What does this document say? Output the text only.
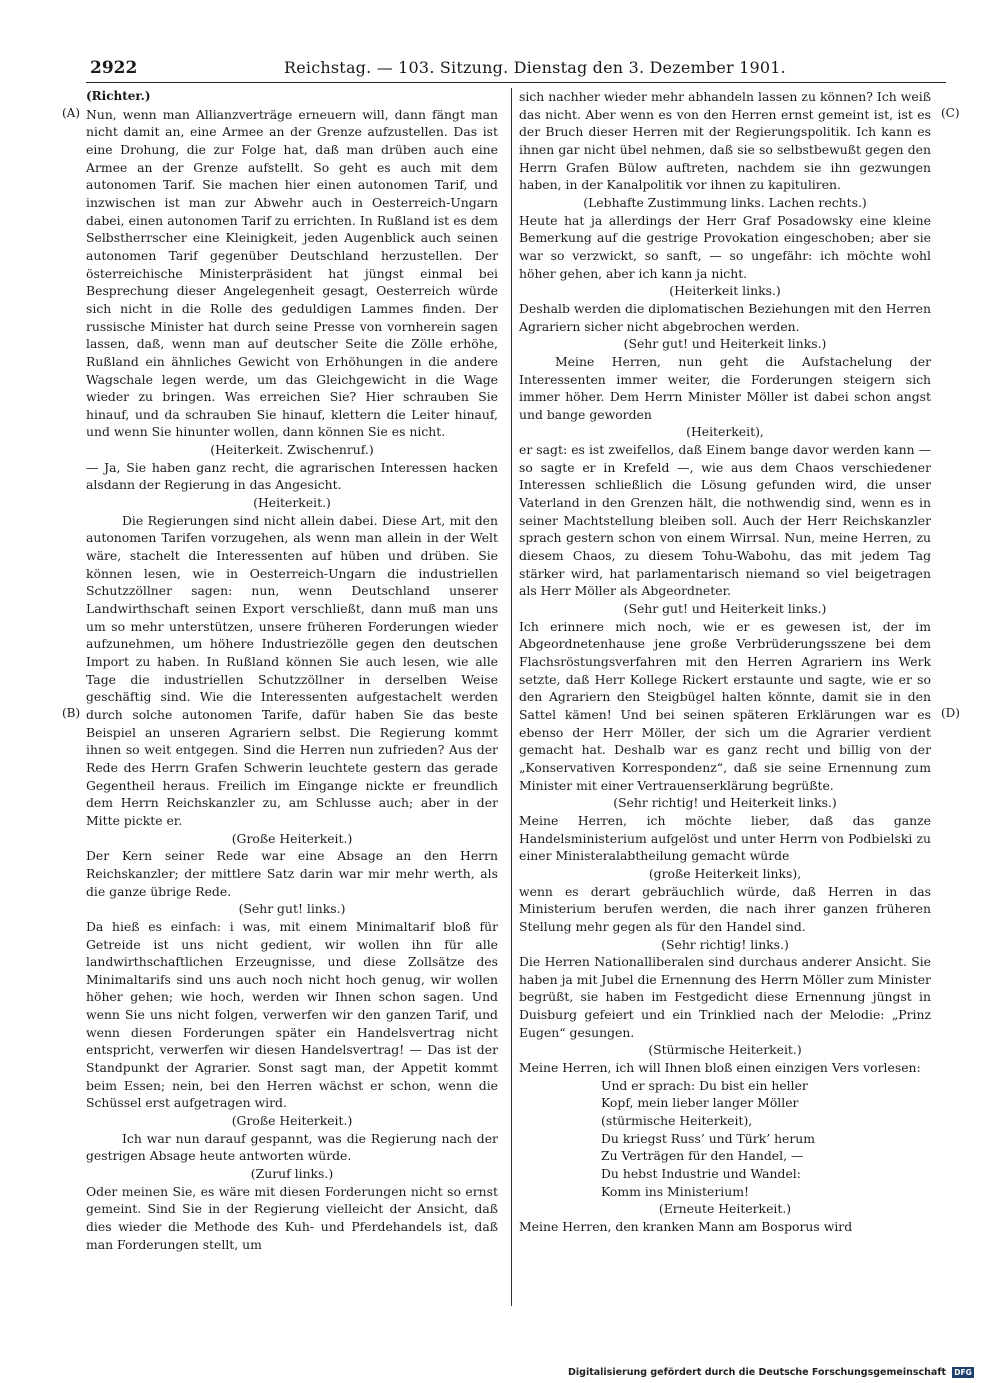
2922	Reichstag. — 103. Sitzung. Dienstag den 3. Dezember 1901.
(A)
(B)
(C)
(D)

(Richter.)

Nun, wenn man Allianzverträge erneuern will, dann fängt man nicht damit an, eine Armee an der Grenze aufzustellen. Das ist eine Drohung, die zur Folge hat, daß man drüben auch eine Armee an der Grenze aufstellt. So geht es auch mit dem autonomen Tarif. Sie machen hier einen autonomen Tarif, und inzwischen ist man zur Abwehr auch in Oesterreich-Ungarn dabei, einen autonomen Tarif zu errichten. In Rußland ist es dem Selbstherrscher eine Kleinigkeit, jeden Augenblick auch seinen autonomen Tarif gegenüber Deutschland herzustellen. Der österreichische Ministerpräsident hat jüngst einmal bei Besprechung dieser Angelegenheit gesagt, Oesterreich würde sich nicht in die Rolle des geduldigen Lammes finden. Der russische Minister hat durch seine Presse von vornherein sagen lassen, daß, wenn man auf deutscher Seite die Zölle erhöhe, Rußland ein ähnliches Gewicht von Erhöhungen in die andere Wagschale legen werde, um das Gleichgewicht in die Wage wieder zu bringen. Was erreichen Sie? Hier schrauben Sie hinauf, und da schrauben Sie hinauf, klettern die Leiter hinauf, und wenn Sie hinunter wollen, dann können Sie es nicht.

(Heiterkeit. Zwischenruf.)

— Ja, Sie haben ganz recht, die agrarischen Interessen hacken alsdann der Regierung in das Angesicht.

(Heiterkeit.)

Die Regierungen sind nicht allein dabei. Diese Art, mit den autonomen Tarifen vorzugehen, als wenn man allein in der Welt wäre, stachelt die Interessenten auf hüben und drüben. Sie können lesen, wie in Oesterreich-Ungarn die industriellen Schutzzöllner sagen: nun, wenn Deutschland unserer Landwirthschaft seinen Export verschließt, dann muß man uns um so mehr unterstützen, unsere früheren Forderungen wieder aufzunehmen, um höhere Industriezölle gegen den deutschen Import zu haben. In Rußland können Sie auch lesen, wie alle Tage die industriellen Schutzzöllner in derselben Weise geschäftig sind. Wie die Interessenten aufgestachelt werden durch solche autonomen Tarife, dafür haben Sie das beste Beispiel an unseren Agrariern selbst. Die Regierung kommt ihnen so weit entgegen. Sind die Herren nun zufrieden? Aus der Rede des Herrn Grafen Schwerin leuchtete gestern das gerade Gegentheil heraus. Freilich im Eingange nickte er freundlich dem Herrn Reichskanzler zu, am Schlusse auch; aber in der Mitte pickte er.

(Große Heiterkeit.)

Der Kern seiner Rede war eine Absage an den Herrn Reichskanzler; der mittlere Satz darin war mir mehr werth, als die ganze übrige Rede.

(Sehr gut! links.)

Da hieß es einfach: i was, mit einem Minimaltarif bloß für Getreide ist uns nicht gedient, wir wollen ihn für alle landwirthschaftlichen Erzeugnisse, und diese Zollsätze des Minimaltarifs sind uns auch noch nicht hoch genug, wir wollen höher gehen; wie hoch, werden wir Ihnen schon sagen. Und wenn Sie uns nicht folgen, verwerfen wir den ganzen Tarif, und wenn diesen Forderungen später ein Handelsvertrag nicht entspricht, verwerfen wir diesen Handelsvertrag! — Das ist der Standpunkt der Agrarier. Sonst sagt man, der Appetit kommt beim Essen; nein, bei den Herren wächst er schon, wenn die Schüssel erst aufgetragen wird.

(Große Heiterkeit.)

Ich war nun darauf gespannt, was die Regierung nach der gestrigen Absage heute antworten würde.

(Zuruf links.)

Oder meinen Sie, es wäre mit diesen Forderungen nicht so ernst gemeint. Sind Sie in der Regierung vielleicht der Ansicht, daß dies wieder die Methode des Kuh- und Pferdehandels ist, daß man Forderungen stellt, um

sich nachher wieder mehr abhandeln lassen zu können? Ich weiß das nicht. Aber wenn es von den Herren ernst gemeint ist, ist es der Bruch dieser Herren mit der Regierungspolitik. Ich kann es ihnen gar nicht übel nehmen, daß sie so selbstbewußt gegen den Herrn Grafen Bülow auftreten, nachdem sie ihn gezwungen haben, in der Kanalpolitik vor ihnen zu kapituliren.

(Lebhafte Zustimmung links. Lachen rechts.)

Heute hat ja allerdings der Herr Graf Posadowsky eine kleine Bemerkung auf die gestrige Provokation eingeschoben; aber sie war so verzwickt, so sanft, — so ungefähr: ich möchte wohl höher gehen, aber ich kann ja nicht.

(Heiterkeit links.)

Deshalb werden die diplomatischen Beziehungen mit den Herren Agrariern sicher nicht abgebrochen werden.

(Sehr gut! und Heiterkeit links.)

Meine Herren, nun geht die Aufstachelung der Interessenten immer weiter, die Forderungen steigern sich immer höher. Dem Herrn Minister Möller ist dabei schon angst und bange geworden

(Heiterkeit),

er sagt: es ist zweifellos, daß Einem bange davor werden kann — so sagte er in Krefeld —, wie aus dem Chaos verschiedener Interessen schließlich die Lösung gefunden wird, die unser Vaterland in den Grenzen hält, die nothwendig sind, wenn es in seiner Machtstellung bleiben soll. Auch der Herr Reichskanzler sprach gestern schon von einem Wirrsal. Nun, meine Herren, zu diesem Chaos, zu diesem Tohu-Wabohu, das mit jedem Tag stärker wird, hat parlamentarisch niemand so viel beigetragen als Herr Möller als Abgeordneter.

(Sehr gut! und Heiterkeit links.)

Ich erinnere mich noch, wie er es gewesen ist, der im Abgeordnetenhause jene große Verbrüderungsszene bei dem Flachsröstungsverfahren mit den Herren Agrariern ins Werk setzte, daß Herr Kollege Rickert erstaunte und sagte, wie er so den Agrariern den Steigbügel halten könnte, damit sie in den Sattel kämen! Und bei seinen späteren Erklärungen war es ebenso der Herr Möller, der sich um die Agrarier verdient gemacht hat. Deshalb war es ganz recht und billig von der „Konservativen Korrespondenz“, daß sie seine Ernennung zum Minister mit einer Vertrauenserklärung begrüßte.

(Sehr richtig! und Heiterkeit links.)

Meine Herren, ich möchte lieber, daß das ganze Handelsministerium aufgelöst und unter Herrn von Podbielski zu einer Ministeralabtheilung gemacht würde

(große Heiterkeit links),

wenn es derart gebräuchlich würde, daß Herren in das Ministerium berufen werden, die nach ihrer ganzen früheren Stellung mehr gegen als für den Handel sind.

(Sehr richtig! links.)

Die Herren Nationalliberalen sind durchaus anderer Ansicht. Sie haben ja mit Jubel die Ernennung des Herrn Möller zum Minister begrüßt, sie haben im Festgedicht diese Ernennung jüngst in Duisburg gefeiert und ein Trinklied nach der Melodie: „Prinz Eugen“ gesungen.

(Stürmische Heiterkeit.)

Meine Herren, ich will Ihnen bloß einen einzigen Vers vorlesen:

Und er sprach: Du bist ein heller
Kopf, mein lieber langer Möller
(stürmische Heiterkeit),
Du kriegst Russ’ und Türk’ herum
Zu Verträgen für den Handel, —
Du hebst Industrie und Wandel:
Komm ins Ministerium!

(Erneute Heiterkeit.)

Meine Herren, den kranken Mann am Bosporus wird

Digitalisierung gefördert durch die Deutsche Forschungsgemeinschaft DFG
